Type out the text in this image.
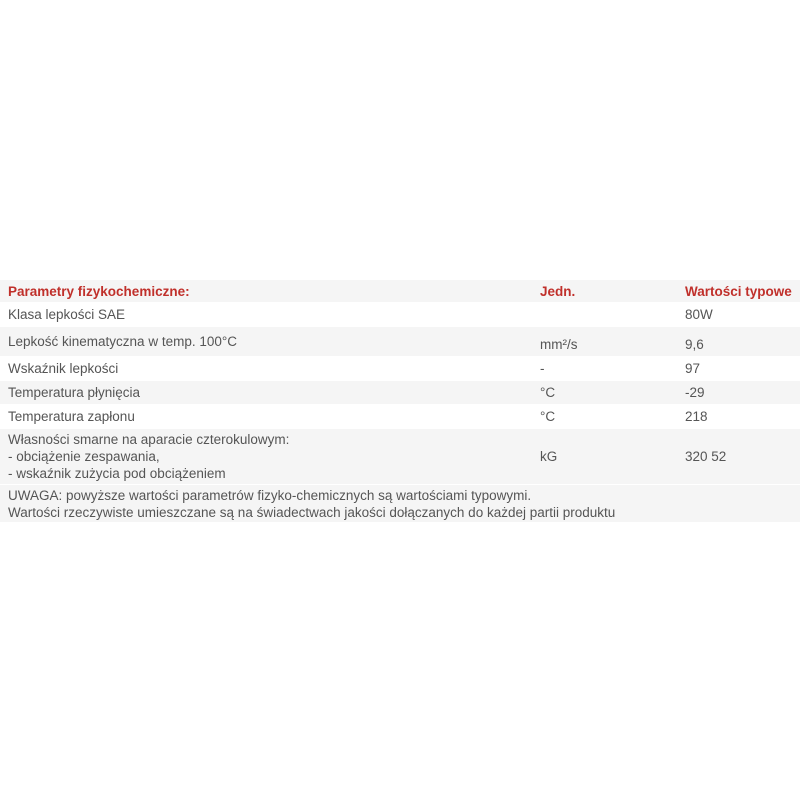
Parametry fizykochemiczne:	Jedn.	Wartości typowe
Klasa lepkości SAE		80W
Lepkość kinematyczna w temp. 100°C	mm²/s	9,6
Wskaźnik lepkości	-	97
Temperatura płynięcia	°C	-29
Temperatura zapłonu	°C	218

Własności smarne na aparacie czterokulowym:
- obciążenie zespawania,
- wskaźnik zużycia pod obciążeniem	kG	320 52

UWAGA: powyższe wartości parametrów fizyko-chemicznych są wartościami typowymi.
Wartości rzeczywiste umieszczane są na świadectwach jakości dołączanych do każdej partii produktu		
